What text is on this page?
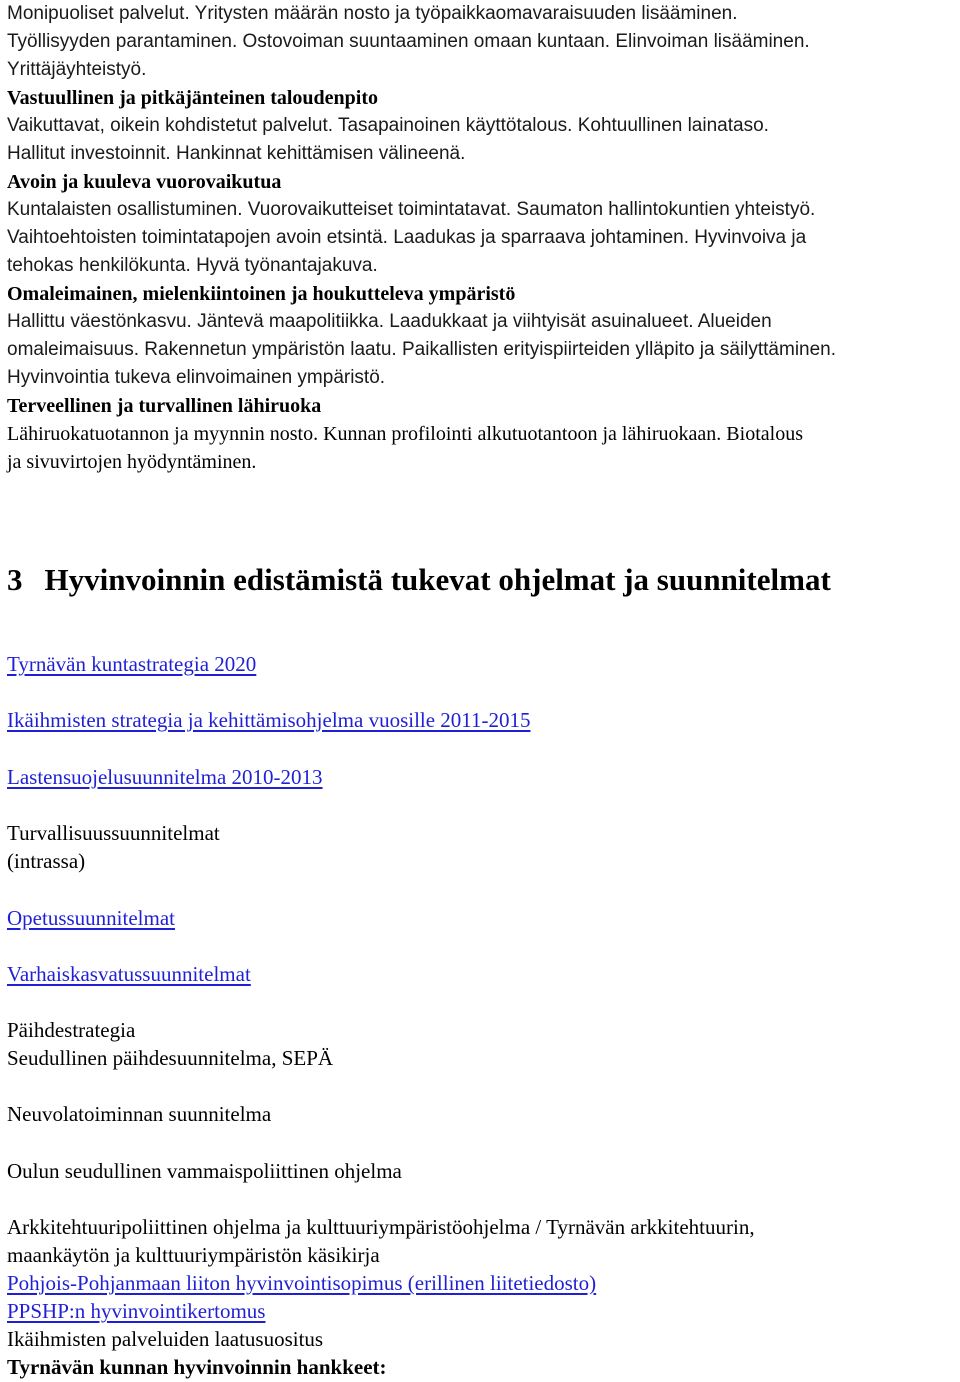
Monipuoliset palvelut. Yritysten määrän nosto ja työpaikkaomavaraisuuden lisääminen.
Työllisyyden parantaminen. Ostovoiman suuntaaminen omaan kuntaan. Elinvoiman lisääminen.
Yrittäjäyhteistyö.
Vastuullinen ja pitkäjänteinen taloudenpito
Vaikuttavat, oikein kohdistetut palvelut. Tasapainoinen käyttötalous. Kohtuullinen lainataso.
Hallitut investoinnit. Hankinnat kehittämisen välineenä.
Avoin ja kuuleva vuorovaikutua
Kuntalaisten osallistuminen. Vuorovaikutteiset toimintatavat. Saumaton hallintokuntien yhteistyö.
Vaihtoehtoisten toimintatapojen avoin etsintä. Laadukas ja sparraava johtaminen. Hyvinvoiva ja
tehokas henkilökunta. Hyvä työnantajakuva.
Omaleimainen, mielenkiintoinen ja houkutteleva ympäristö
Hallittu väestönkasvu. Jäntevä maapolitiikka. Laadukkaat ja viihtyisät asuinalueet. Alueiden
omaleimaisuus. Rakennetun ympäristön laatu. Paikallisten erityispiirteiden ylläpito ja säilyttäminen.
Hyvinvointia tukeva elinvoimainen ympäristö.
Terveellinen ja turvallinen lähiruoka
Lähiruokatuotannon ja myynnin nosto. Kunnan profilointi alkutuotantoon ja lähiruokaan. Biotalous
ja sivuvirtojen hyödyntäminen.
3 Hyvinvoinnin edistämistä tukevat ohjelmat ja suunnitelmat
Tyrnävän kuntastrategia 2020
Ikäihmisten strategia ja kehittämisohjelma vuosille 2011-2015
Lastensuojelusuunnitelma 2010-2013
Turvallisuussuunnitelmat
(intrassa)
Opetussuunnitelmat
Varhaiskasvatussuunnitelmat
Päihdestrategia
Seudullinen päihdesuunnitelma, SEPÄ
Neuvolatoiminnan suunnitelma
Oulun seudullinen vammaispoliittinen ohjelma
Arkkitehtuuripoliittinen ohjelma ja kulttuuriympäristöohjelma / Tyrnävän arkkitehtuurin,
maankäytön ja kulttuuriympäristön käsikirja
Pohjois-Pohjanmaan liiton hyvinvointisopimus (erillinen liitetiedosto)
PPSHP:n hyvinvointikertomus
Ikäihmisten palveluiden laatusuositus
Tyrnävän kunnan hyvinvoinnin hankkeet:
